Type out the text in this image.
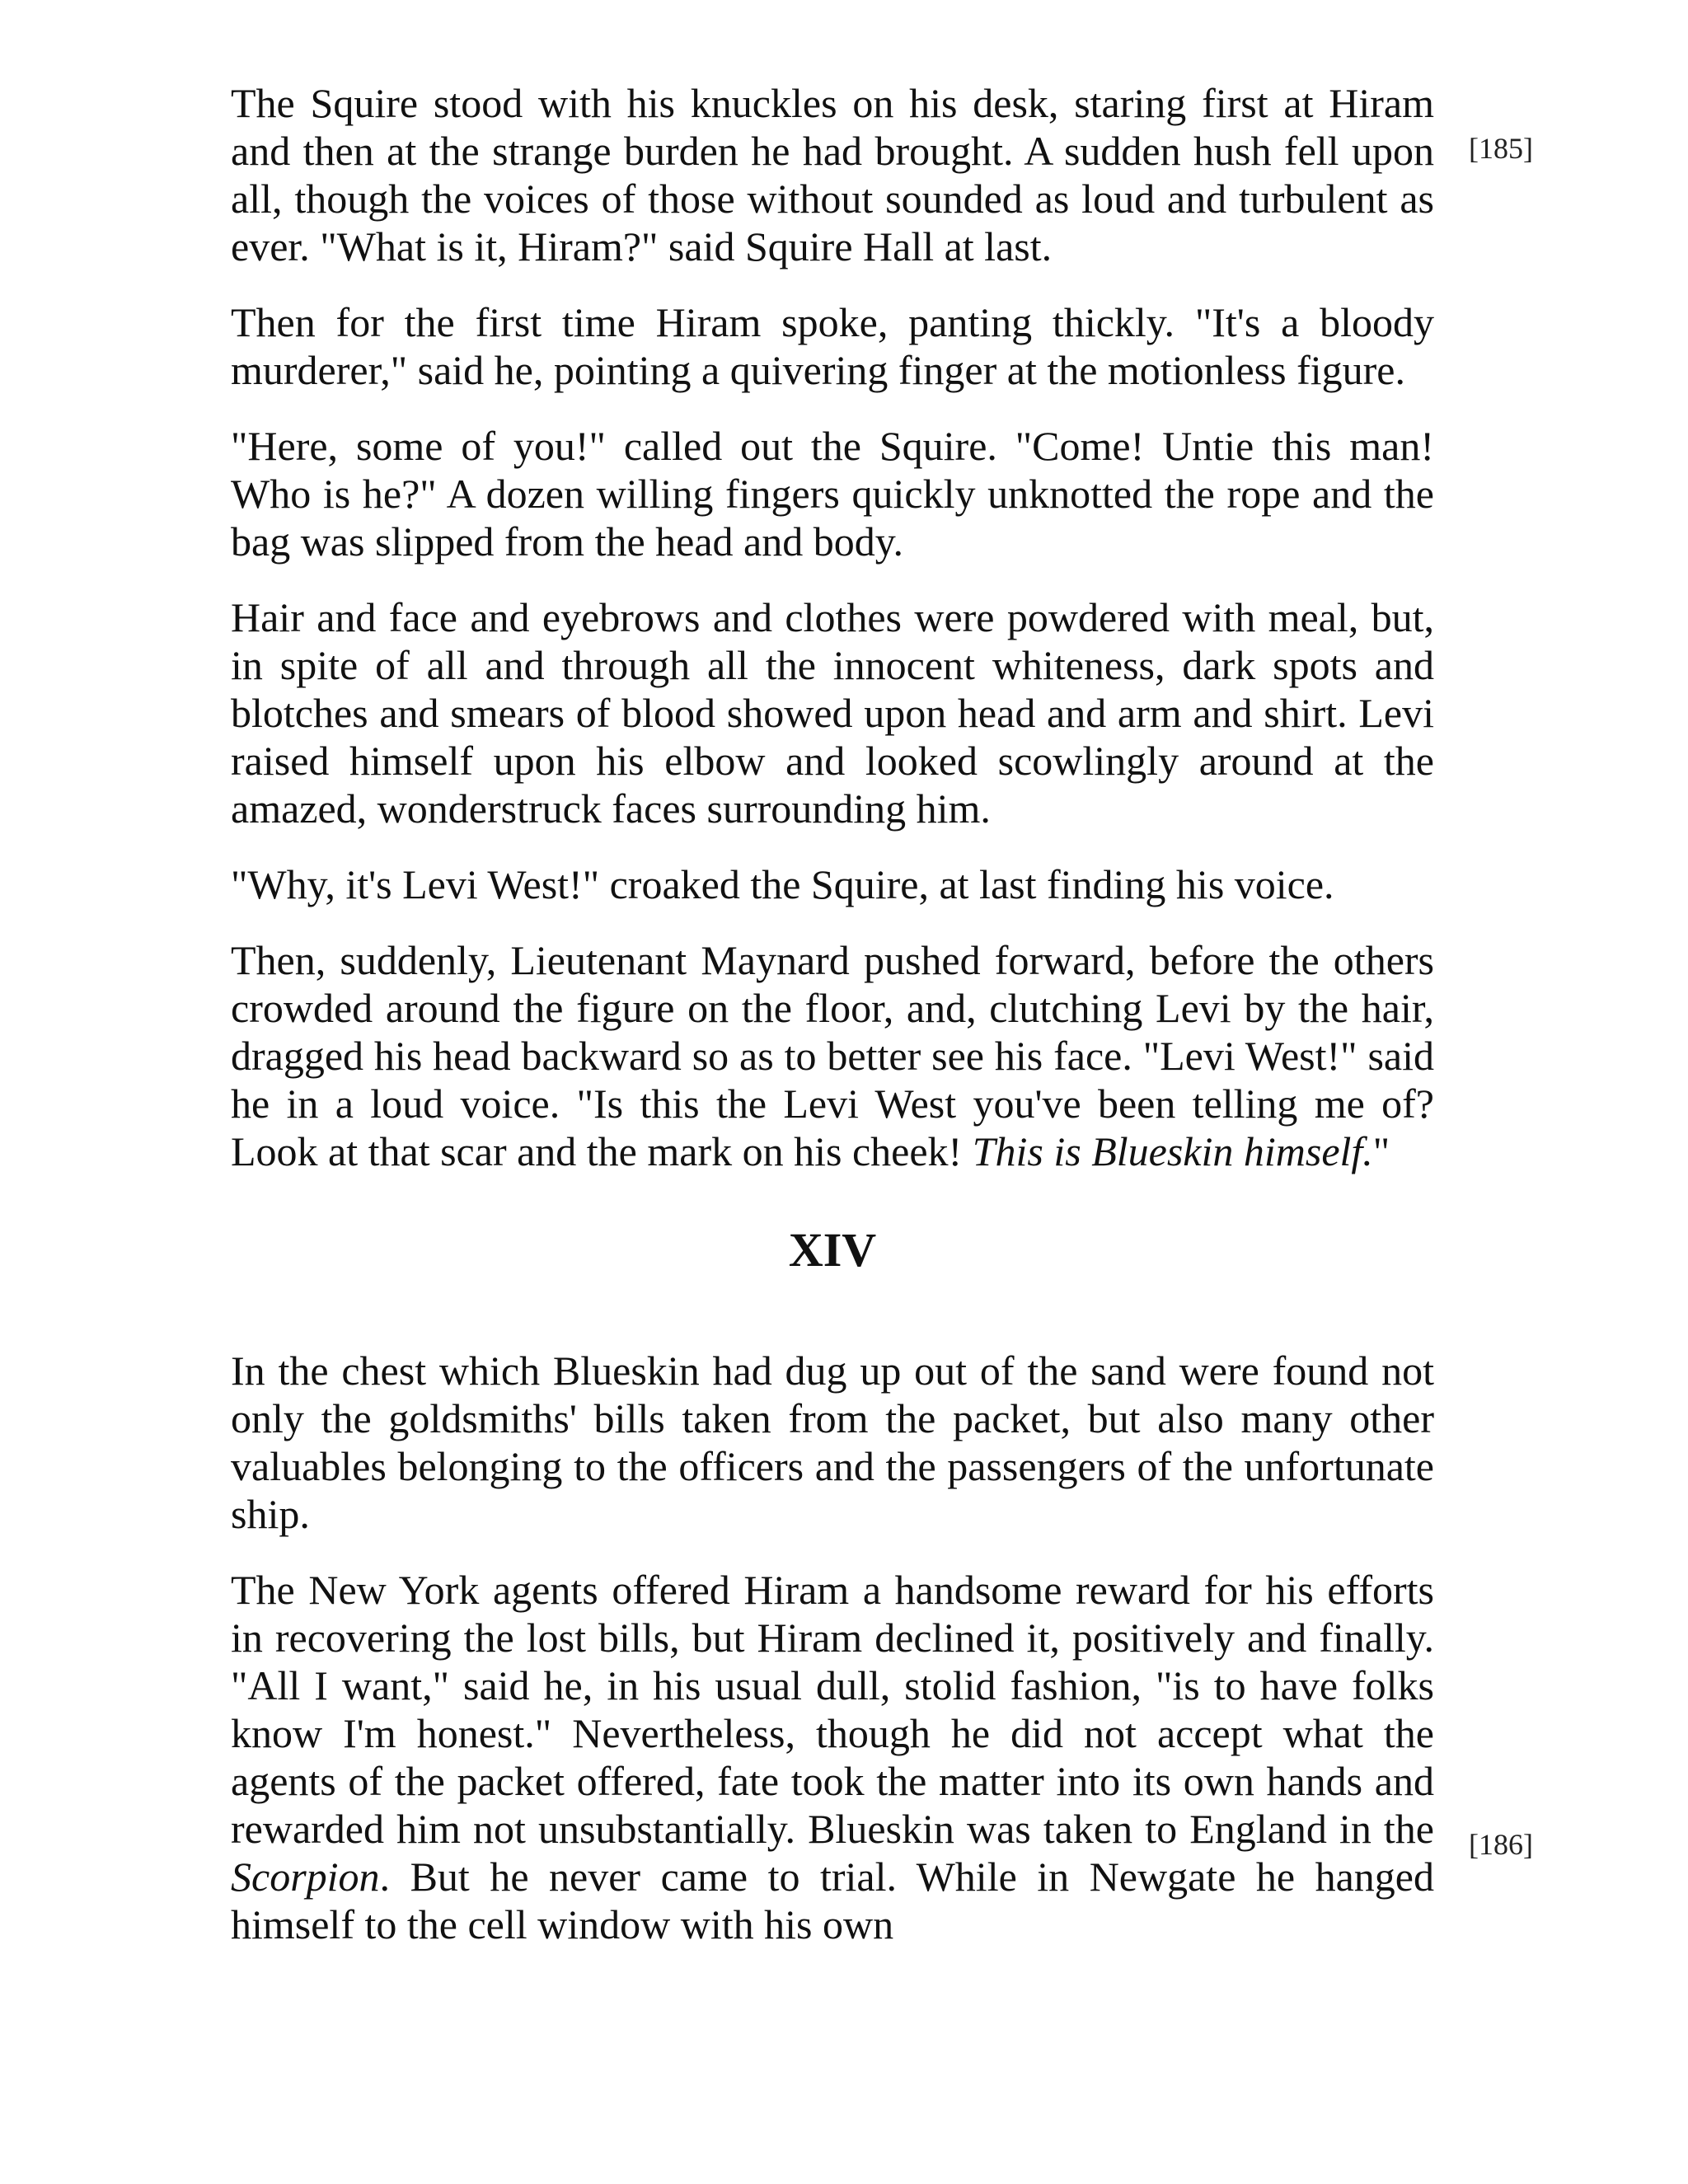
[185]
[186]

The Squire stood with his knuckles on his desk, staring first at Hiram and then at the strange burden he had brought. A sudden hush fell upon all, though the voices of those without sounded as loud and turbulent as ever. "What is it, Hiram?" said Squire Hall at last.

Then for the first time Hiram spoke, panting thickly. "It's a bloody murderer," said he, pointing a quivering finger at the motionless figure.

"Here, some of you!" called out the Squire. "Come! Untie this man! Who is he?" A dozen willing fingers quickly unknotted the rope and the bag was slipped from the head and body.

Hair and face and eyebrows and clothes were powdered with meal, but, in spite of all and through all the innocent whiteness, dark spots and blotches and smears of blood showed upon head and arm and shirt. Levi raised himself upon his elbow and looked scowlingly around at the amazed, wonderstruck faces surrounding him.

"Why, it's Levi West!" croaked the Squire, at last finding his voice.

Then, suddenly, Lieutenant Maynard pushed forward, before the others crowded around the figure on the floor, and, clutching Levi by the hair, dragged his head backward so as to better see his face. "Levi West!" said he in a loud voice. "Is this the Levi West you've been telling me of? Look at that scar and the mark on his cheek! This is Blueskin himself."

XIV

In the chest which Blueskin had dug up out of the sand were found not only the goldsmiths' bills taken from the packet, but also many other valuables belonging to the officers and the passengers of the unfortunate ship.

The New York agents offered Hiram a handsome reward for his efforts in recovering the lost bills, but Hiram declined it, positively and finally. "All I want," said he, in his usual dull, stolid fashion, "is to have folks know I'm honest." Nevertheless, though he did not accept what the agents of the packet offered, fate took the matter into its own hands and rewarded him not unsubstantially. Blueskin was taken to England in the Scorpion. But he never came to trial. While in Newgate he hanged himself to the cell window with his own
